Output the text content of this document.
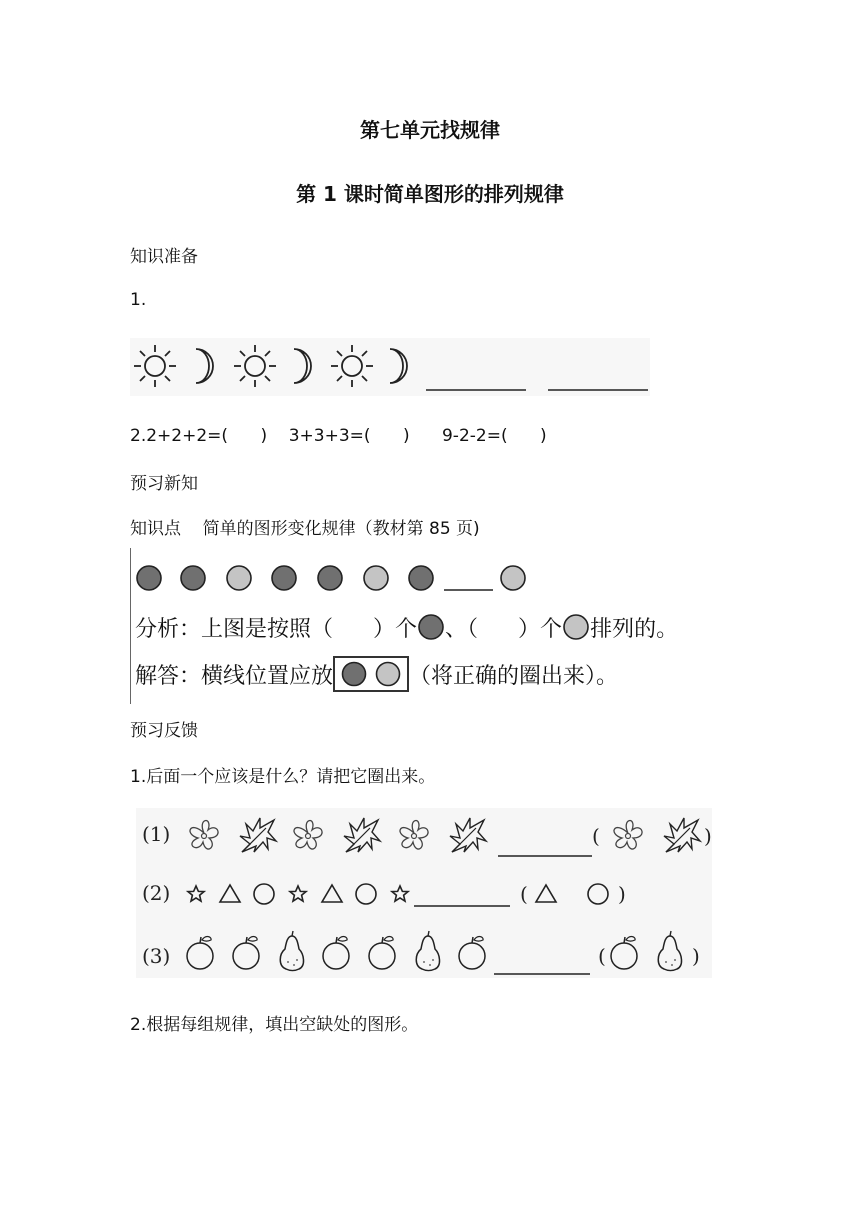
第七单元找规律
第 1 课时简单图形的排列规律
知识准备
1.
2.2+2+2=(      )    3+3+3=(      )      9-2-2=(      )
预习新知
知识点    简单的图形变化规律（教材第 85 页)
分析：上图是按照（ ）个 、（ ）个 排列的。
解答：横线位置应放	（将正确的圈出来）。
预习反馈
1.后面一个应该是什么？请把它圈出来。
(1)	(	)
(2)	(	)
(3)	(	)
2.根据每组规律，填出空缺处的图形。
